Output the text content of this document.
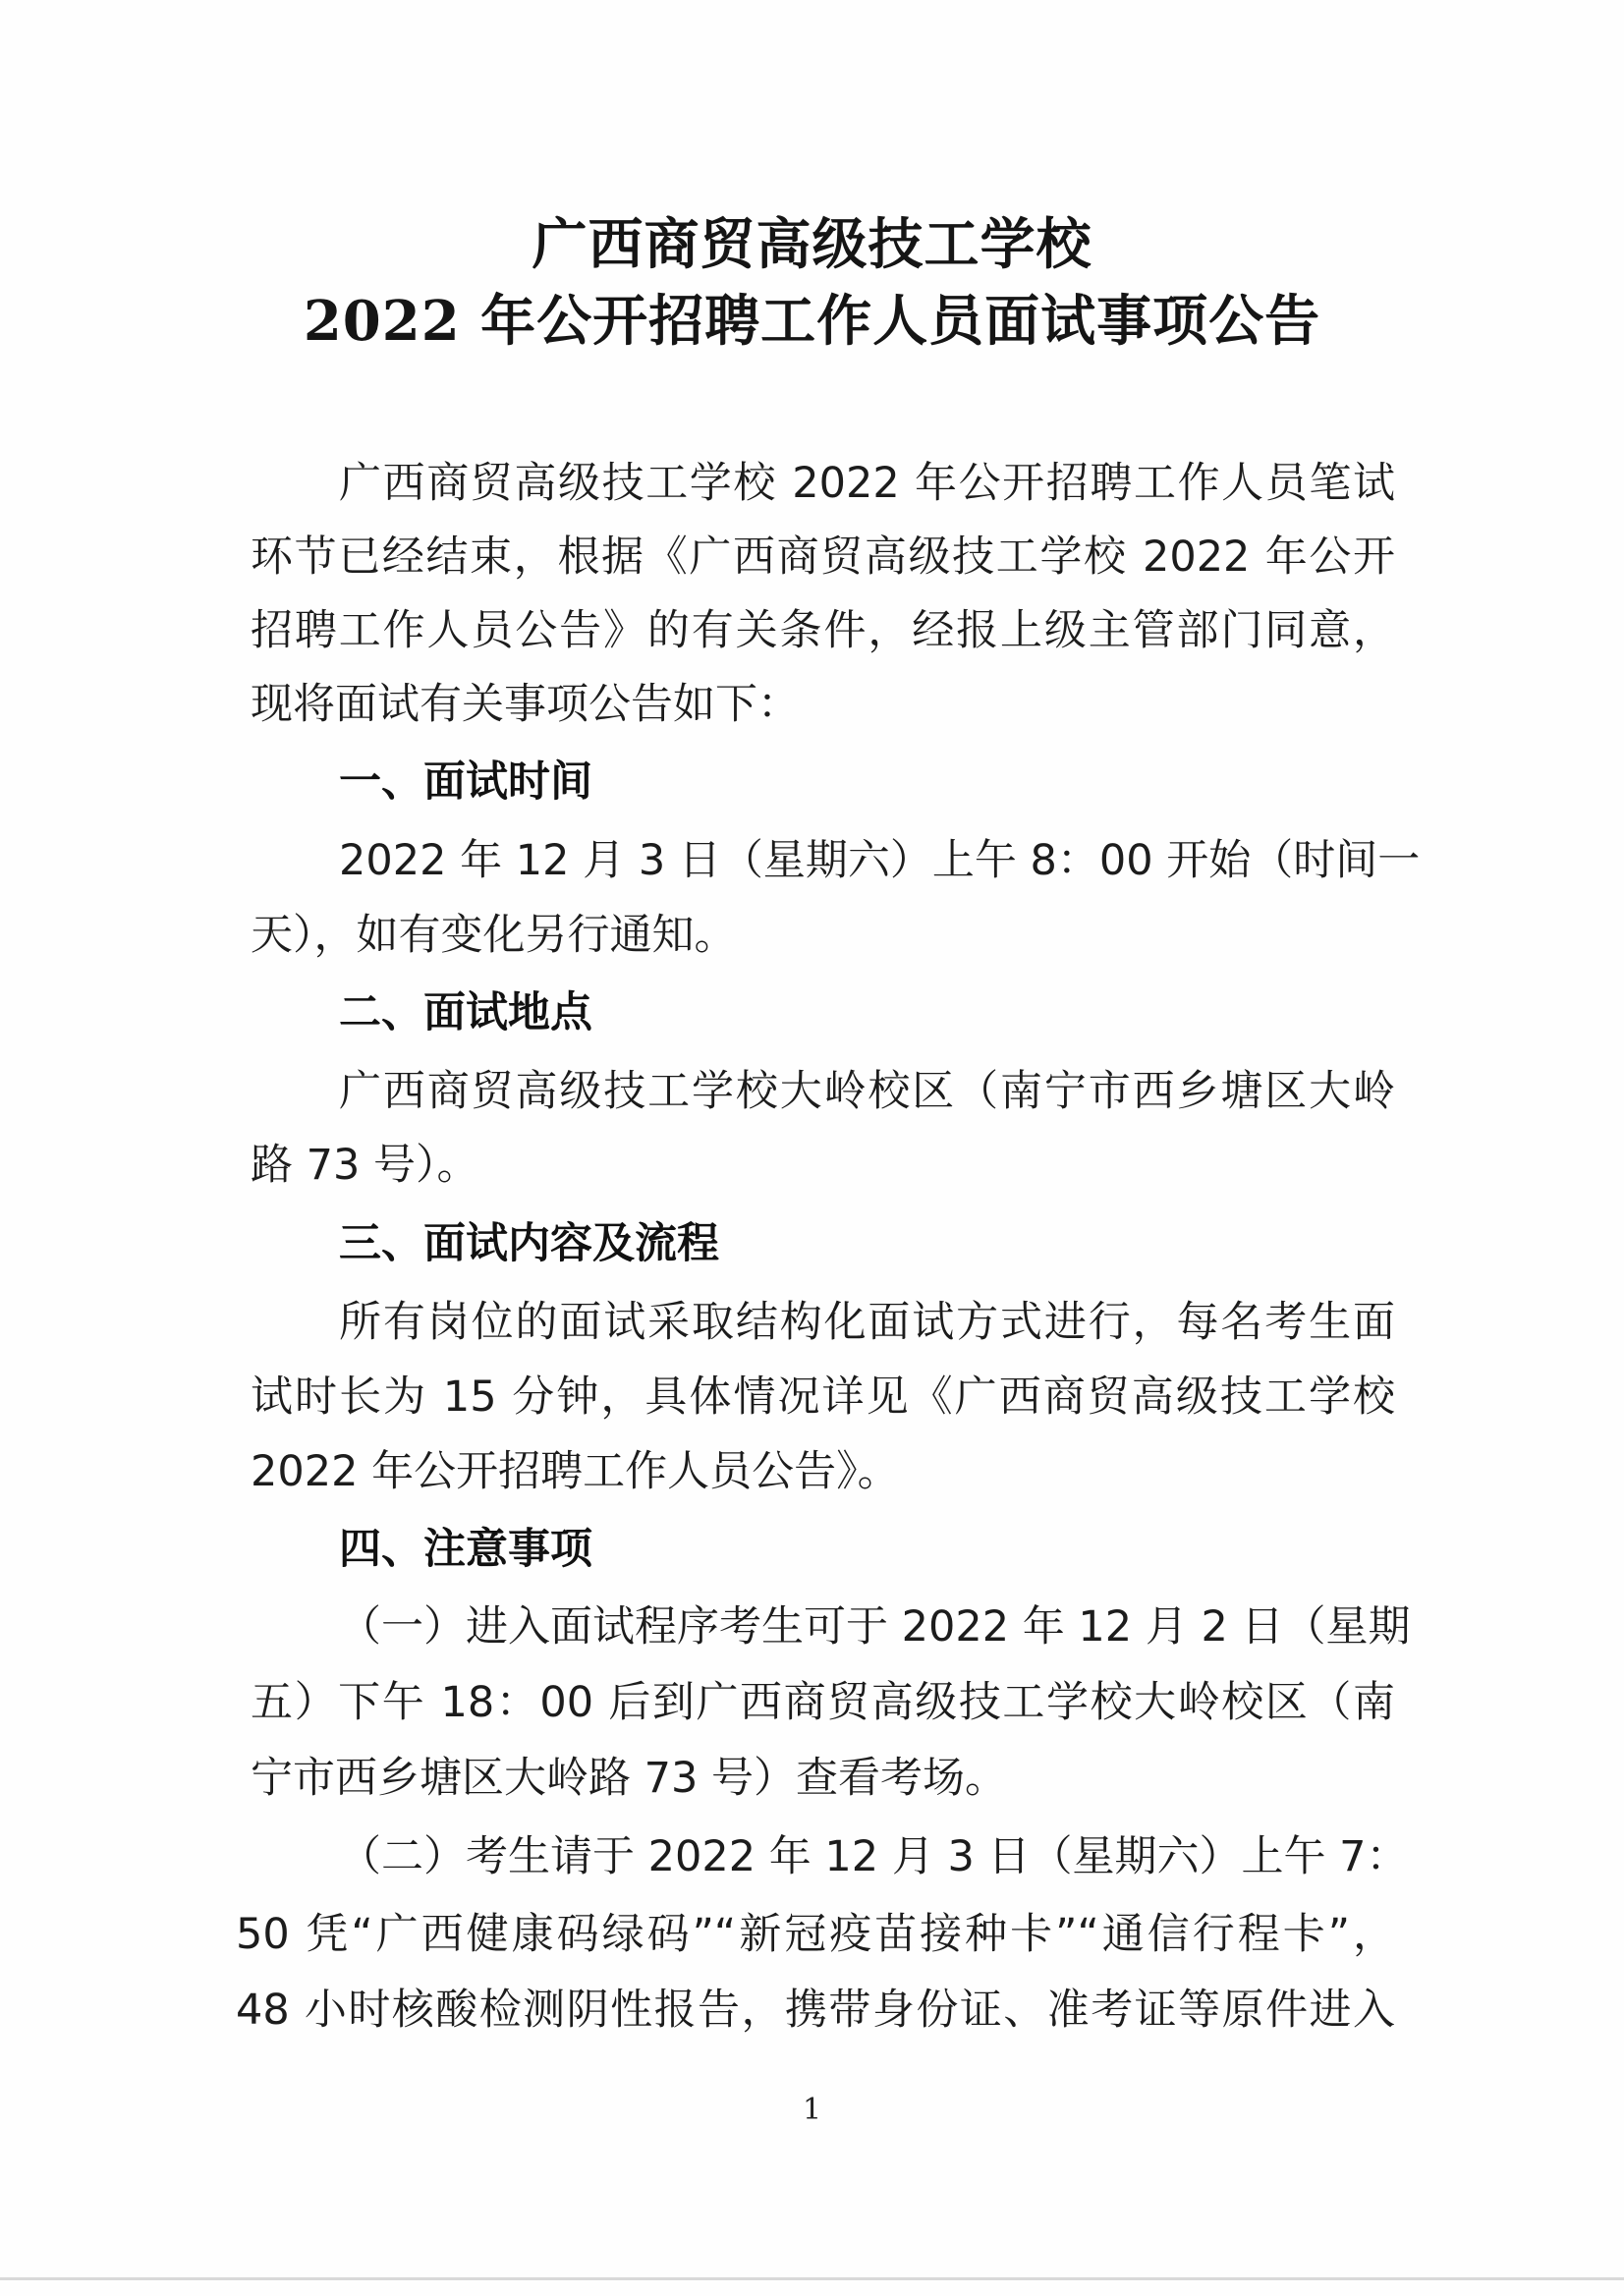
广西商贸高级技工学校
2022 年公开招聘工作人员面试事项公告
广西商贸高级技工学校 2022 年公开招聘工作人员笔试
环节已经结束，根据《广西商贸高级技工学校 2022 年公开
招聘工作人员公告》的有关条件，经报上级主管部门同意，
现将面试有关事项公告如下：
一、面试时间
2022 年 12 月 3 日（星期六）上午 8：00 开始（时间一
天），如有变化另行通知。
二、面试地点
广西商贸高级技工学校大岭校区（南宁市西乡塘区大岭
路 73 号）。
三、面试内容及流程
所有岗位的面试采取结构化面试方式进行，每名考生面
试时长为 15 分钟，具体情况详见《广西商贸高级技工学校
2022 年公开招聘工作人员公告》。
四、注意事项
（一）进入面试程序考生可于 2022 年 12 月 2 日（星期
五）下午 18：00 后到广西商贸高级技工学校大岭校区（南
宁市西乡塘区大岭路 73 号）查看考场。
（二）考生请于 2022 年 12 月 3 日（星期六）上午 7：
50 凭“广西健康码绿码”“新冠疫苗接种卡”“通信行程卡”，
48 小时核酸检测阴性报告，携带身份证、准考证等原件进入
1
